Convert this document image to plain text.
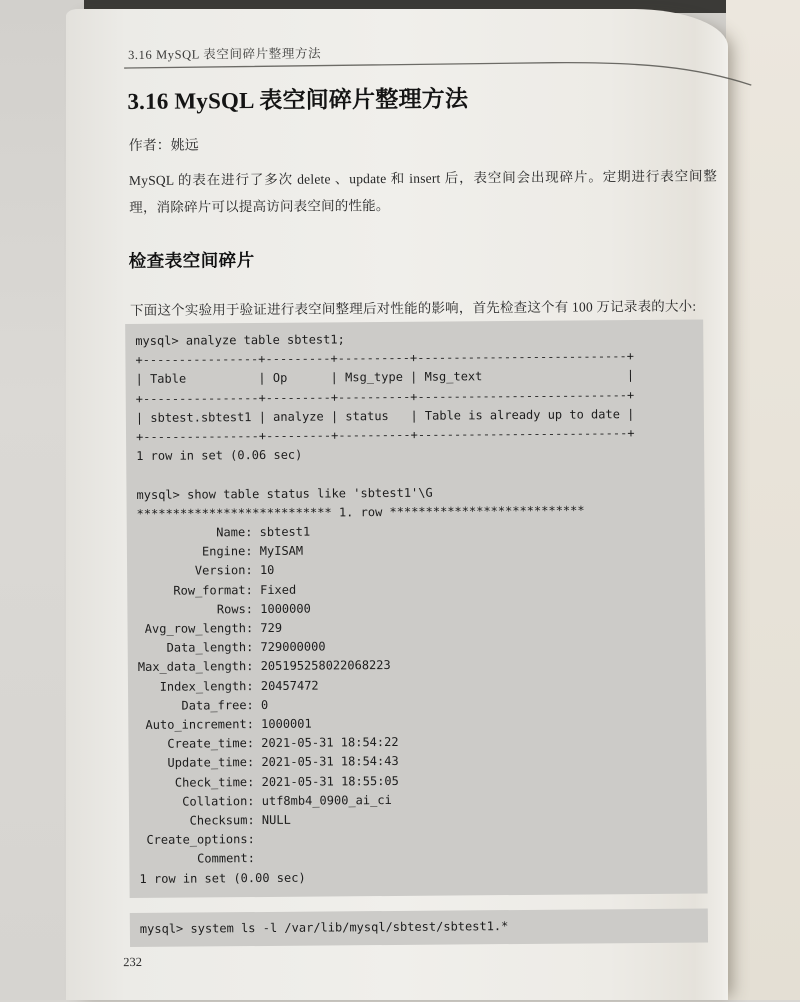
3.16 MySQL 表空间碎片整理方法
3.16 MySQL 表空间碎片整理方法
作者：姚远

MySQL 的表在进行了多次 delete 、update 和 insert 后，表空间会出现碎片。定期进行表空间整理，消除碎片可以提高访问表空间的性能。

检查表空间碎片

下面这个实验用于验证进行表空间整理后对性能的影响，首先检查这个有 100 万记录表的大小:

mysql> analyze table sbtest1;
+----------------+---------+----------+-----------------------------+
| Table          | Op      | Msg_type | Msg_text                    |
+----------------+---------+----------+-----------------------------+
| sbtest.sbtest1 | analyze | status   | Table is already up to date |
+----------------+---------+----------+-----------------------------+
1 row in set (0.06 sec)

mysql> show table status like 'sbtest1'\G
*************************** 1. row ***************************
Name: sbtest1
Engine: MyISAM
Version: 10
Row_format: Fixed
Rows: 1000000
Avg_row_length: 729
Data_length: 729000000
Max_data_length: 205195258022068223
Index_length: 20457472
Data_free: 0
Auto_increment: 1000001
Create_time: 2021-05-31 18:54:22
Update_time: 2021-05-31 18:54:43
Check_time: 2021-05-31 18:55:05
Collation: utf8mb4_0900_ai_ci
Checksum: NULL
Create_options:
Comment:
1 row in set (0.00 sec)
mysql> system ls -l /var/lib/mysql/sbtest/sbtest1.*
232
